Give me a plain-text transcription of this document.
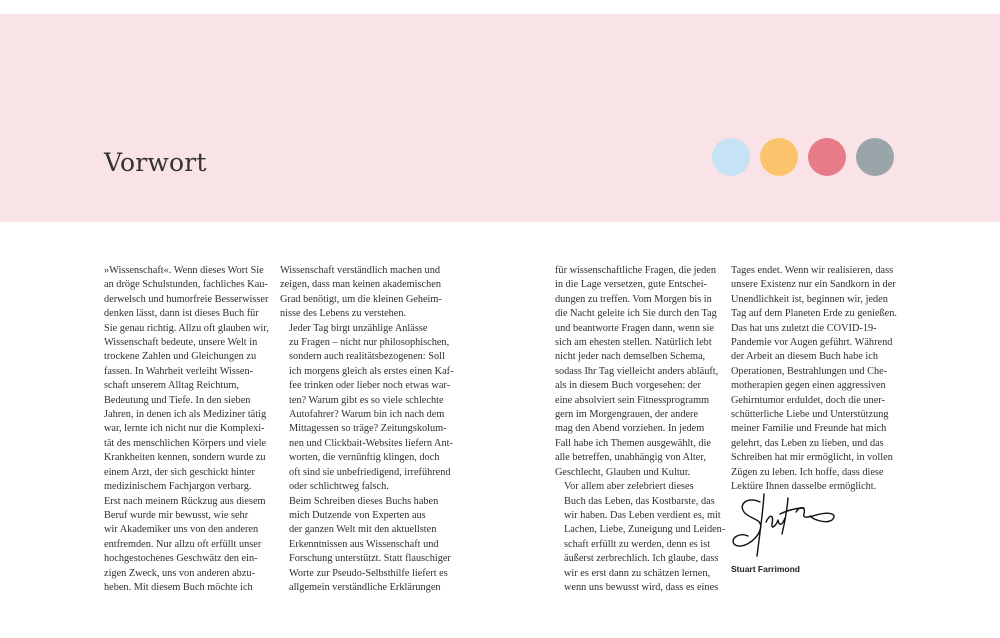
Vorwort

»Wissenschaft«. Wenn dieses Wort Sie
an dröge Schulstunden, fachliches Kau-
derwelsch und humorfreie Besserwisser
denken lässt, dann ist dieses Buch für
Sie genau richtig. Allzu oft glauben wir,
Wissenschaft bedeute, unsere Welt in
trockene Zahlen und Gleichungen zu
fassen. In Wahrheit verleiht Wissen-
schaft unserem Alltag Reichtum,
Bedeutung und Tiefe. In den sieben
Jahren, in denen ich als Mediziner tätig
war, lernte ich nicht nur die Komplexi-
tät des menschlichen Körpers und viele
Krankheiten kennen, sondern wurde zu
einem Arzt, der sich geschickt hinter
medizinischem Fachjargon verbarg.
Erst nach meinem Rückzug aus diesem
Beruf wurde mir bewusst, wie sehr
wir Akademiker uns von den anderen
entfremden. Nur allzu oft erfüllt unser
hochgestochenes Geschwätz den ein-
zigen Zweck, uns von anderen abzu-
heben. Mit diesem Buch möchte ich

Wissenschaft verständlich machen und
zeigen, dass man keinen akademischen
Grad benötigt, um die kleinen Geheim-
nisse des Lebens zu verstehen.

Jeder Tag birgt unzählige Anlässe
zu Fragen – nicht nur philosophischen,
sondern auch realitätsbezogenen: Soll
ich morgens gleich als erstes einen Kaf-
fee trinken oder lieber noch etwas war-
ten? Warum gibt es so viele schlechte
Autofahrer? Warum bin ich nach dem
Mittagessen so träge? Zeitungskolum-
nen und Clickbait-Websites liefern Ant-
worten, die vernünftig klingen, doch
oft sind sie unbefriedigend, irreführend
oder schlichtweg falsch.

Beim Schreiben dieses Buchs haben
mich Dutzende von Experten aus
der ganzen Welt mit den aktuellsten
Erkenntnissen aus Wissenschaft und
Forschung unterstützt. Statt flauschiger
Worte zur Pseudo-Selbsthilfe liefert es
allgemein verständliche Erklärungen

für wissenschaftliche Fragen, die jeden
in die Lage versetzen, gute Entschei-
dungen zu treffen. Vom Morgen bis in
die Nacht geleite ich Sie durch den Tag
und beantworte Fragen dann, wenn sie
sich am ehesten stellen. Natürlich lebt
nicht jeder nach demselben Schema,
sodass Ihr Tag vielleicht anders abläuft,
als in diesem Buch vorgesehen: der
eine absolviert sein Fitnessprogramm
gern im Morgengrauen, der andere
mag den Abend vorziehen. In jedem
Fall habe ich Themen ausgewählt, die
alle betreffen, unabhängig von Alter,
Geschlecht, Glauben und Kultur.

Vor allem aber zelebriert dieses
Buch das Leben, das Kostbarste, das
wir haben. Das Leben verdient es, mit
Lachen, Liebe, Zuneigung und Leiden-
schaft erfüllt zu werden, denn es ist
äußerst zerbrechlich. Ich glaube, dass
wir es erst dann zu schätzen lernen,
wenn uns bewusst wird, dass es eines

Tages endet. Wenn wir realisieren, dass
unsere Existenz nur ein Sandkorn in der
Unendlichkeit ist, beginnen wir, jeden
Tag auf dem Planeten Erde zu genießen.
Das hat uns zuletzt die COVID-19-
Pandemie vor Augen geführt. Während
der Arbeit an diesem Buch habe ich
Operationen, Bestrahlungen und Che-
motherapien gegen einen aggressiven
Gehirntumor erduldet, doch die uner-
schütterliche Liebe und Unterstützung
meiner Familie und Freunde hat mich
gelehrt, das Leben zu lieben, und das
Schreiben hat mir ermöglicht, in vollen
Zügen zu leben. Ich hoffe, dass diese
Lektüre Ihnen dasselbe ermöglicht.

Stuart Farrimond
